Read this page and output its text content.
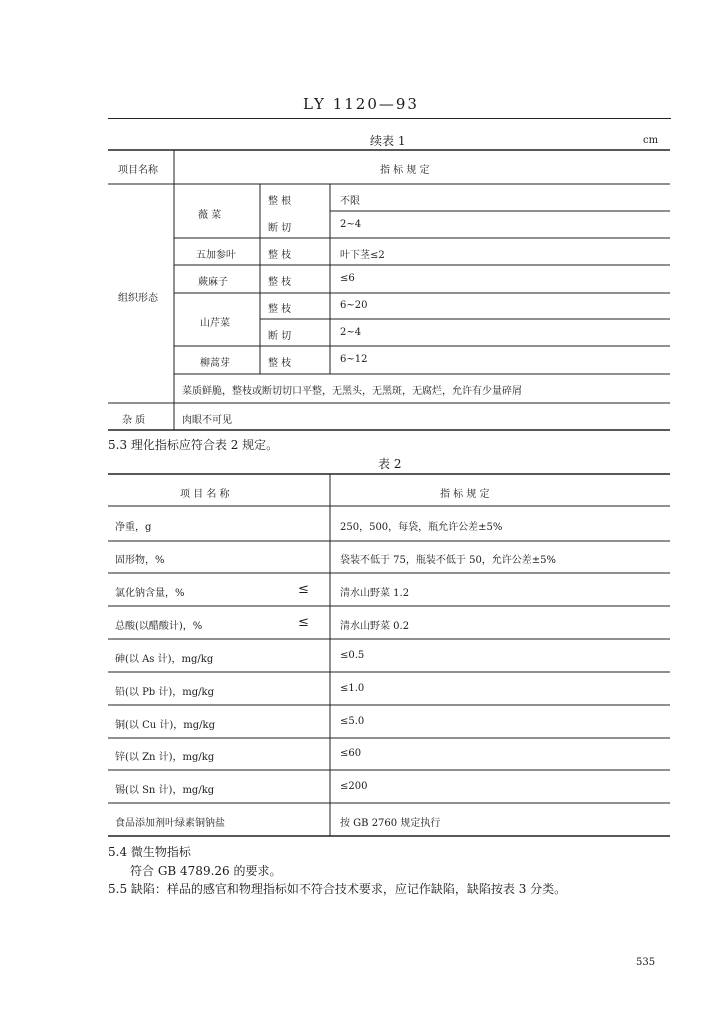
LY 1120—93
续表 1	cm
项目名称	指 标 规 定
组织形态
薇 菜
整 根	不限
断 切	2~4
五加参叶	整 枝	叶下茎≤2
蕨麻子	整 枝	≤6
山芹菜
整 枝	6~20
断 切	2~4
柳蒿芽	整 枝	6~12
菜质鲜脆，整枝或断切切口平整，无黑头，无黑斑，无腐烂，允许有少量碎屑
杂 质	肉眼不可见
5.3 理化指标应符合表 2 规定。
表 2
项 目 名 称	指 标 规 定
净重，g	250，500，每袋，瓶允许公差±5%
固形物，%	袋装不低于 75，瓶装不低于 50，允许公差±5%
氯化钠含量，%	≤	清水山野菜 1.2
总酸(以醋酸计)，%	≤	清水山野菜 0.2
砷(以 As 计)，mg/kg	≤0.5
铅(以 Pb 计)，mg/kg	≤1.0
铜(以 Cu 计)，mg/kg	≤5.0
锌(以 Zn 计)，mg/kg	≤60
锡(以 Sn 计)，mg/kg	≤200
食品添加剂叶绿素铜钠盐	按 GB 2760 规定执行
5.4 微生物指标
符合 GB 4789.26 的要求。
5.5 缺陷：样品的感官和物理指标如不符合技术要求，应记作缺陷，缺陷按表 3 分类。
535
